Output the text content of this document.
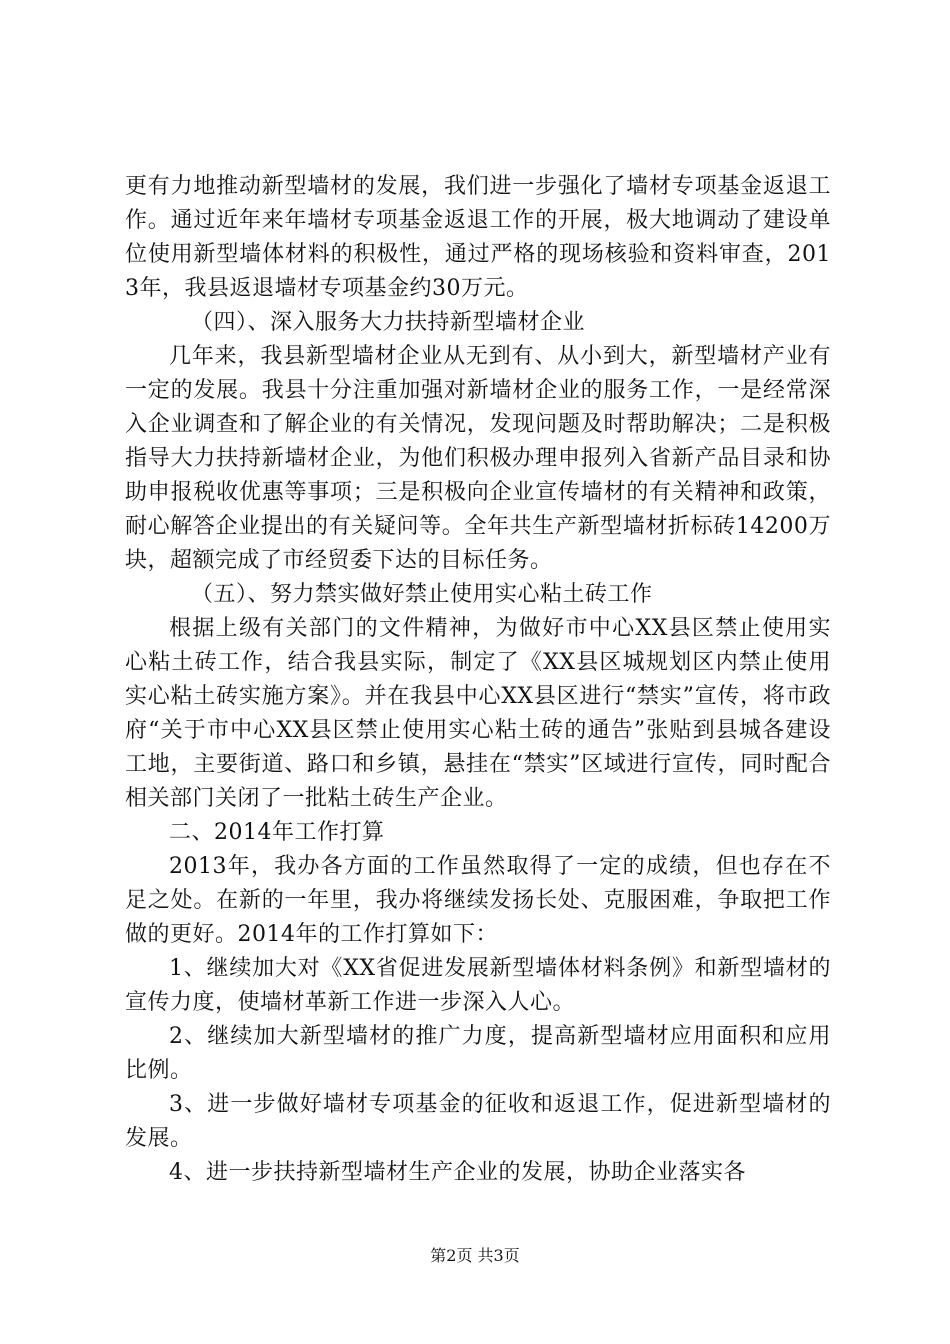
更有力地推动新型墙材的发展，我们进一步强化了墙材专项基金返退工作。通过近年来年墙材专项基金返退工作的开展，极大地调动了建设单位使用新型墙体材料的积极性，通过严格的现场核验和资料审查，2013年，我县返退墙材专项基金约30万元。

（四）、深入服务大力扶持新型墙材企业

几年来，我县新型墙材企业从无到有、从小到大，新型墙材产业有一定的发展。我县十分注重加强对新墙材企业的服务工作，一是经常深入企业调查和了解企业的有关情况，发现问题及时帮助解决；二是积极指导大力扶持新墙材企业，为他们积极办理申报列入省新产品目录和协助申报税收优惠等事项；三是积极向企业宣传墙材的有关精神和政策，耐心解答企业提出的有关疑问等。全年共生产新型墙材折标砖14200万块，超额完成了市经贸委下达的目标任务。

（五）、努力禁实做好禁止使用实心粘土砖工作

根据上级有关部门的文件精神，为做好市中心XX县区禁止使用实心粘土砖工作，结合我县实际，制定了《XX县区城规划区内禁止使用实心粘土砖实施方案》。并在我县中心XX县区进行“禁实”宣传，将市政府“关于市中心XX县区禁止使用实心粘土砖的通告”张贴到县城各建设工地，主要街道、路口和乡镇，悬挂在“禁实”区域进行宣传，同时配合相关部门关闭了一批粘土砖生产企业。

二、2014年工作打算

2013年，我办各方面的工作虽然取得了一定的成绩，但也存在不足之处。在新的一年里，我办将继续发扬长处、克服困难，争取把工作做的更好。2014年的工作打算如下：

1、继续加大对《XX省促进发展新型墙体材料条例》和新型墙材的宣传力度，使墙材革新工作进一步深入人心。

2、继续加大新型墙材的推广力度，提高新型墙材应用面积和应用比例。

3、进一步做好墙材专项基金的征收和返退工作，促进新型墙材的发展。

4、进一步扶持新型墙材生产企业的发展，协助企业落实各

第2页 共3页
